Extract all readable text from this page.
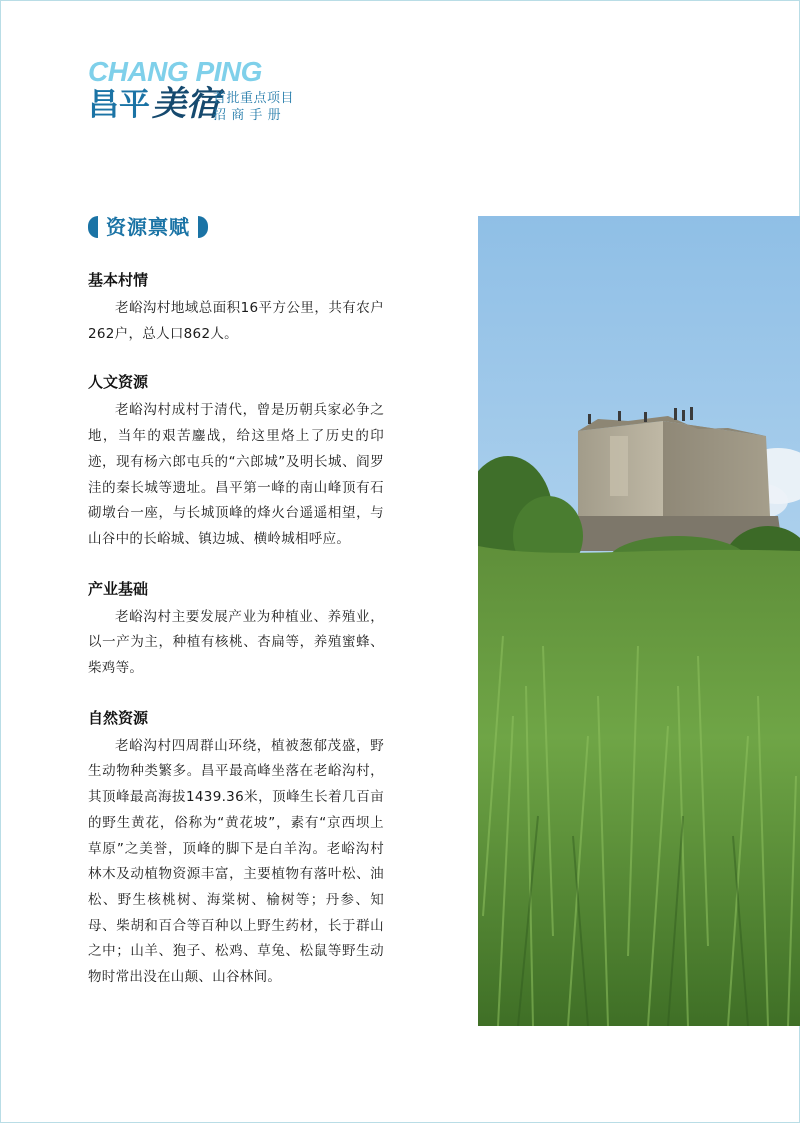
CHANG PING
昌平美宿
首批重点项目
招商手册
资源禀赋
基本村情

老峪沟村地域总面积16平方公里，共有农户262户，总人口862人。

人文资源

老峪沟村成村于清代，曾是历朝兵家必争之地，当年的艰苦鏖战，给这里烙上了历史的印迹，现有杨六郎屯兵的“六郎城”及明长城、阎罗洼的秦长城等遗址。昌平第一峰的南山峰顶有石砌墩台一座，与长城顶峰的烽火台遥遥相望，与山谷中的长峪城、镇边城、横岭城相呼应。

产业基础

老峪沟村主要发展产业为种植业、养殖业，以一产为主，种植有核桃、杏扁等，养殖蜜蜂、柴鸡等。

自然资源

老峪沟村四周群山环绕，植被葱郁茂盛，野生动物种类繁多。昌平最高峰坐落在老峪沟村，其顶峰最高海拔1439.36米，顶峰生长着几百亩的野生黄花，俗称为“黄花坡”，素有“京西坝上草原”之美誉，顶峰的脚下是白羊沟。老峪沟村林木及动植物资源丰富，主要植物有落叶松、油松、野生核桃树、海棠树、榆树等；丹参、知母、柴胡和百合等百种以上野生药材，长于群山之中；山羊、狍子、松鸡、草兔、松鼠等野生动物时常出没在山颠、山谷林间。
